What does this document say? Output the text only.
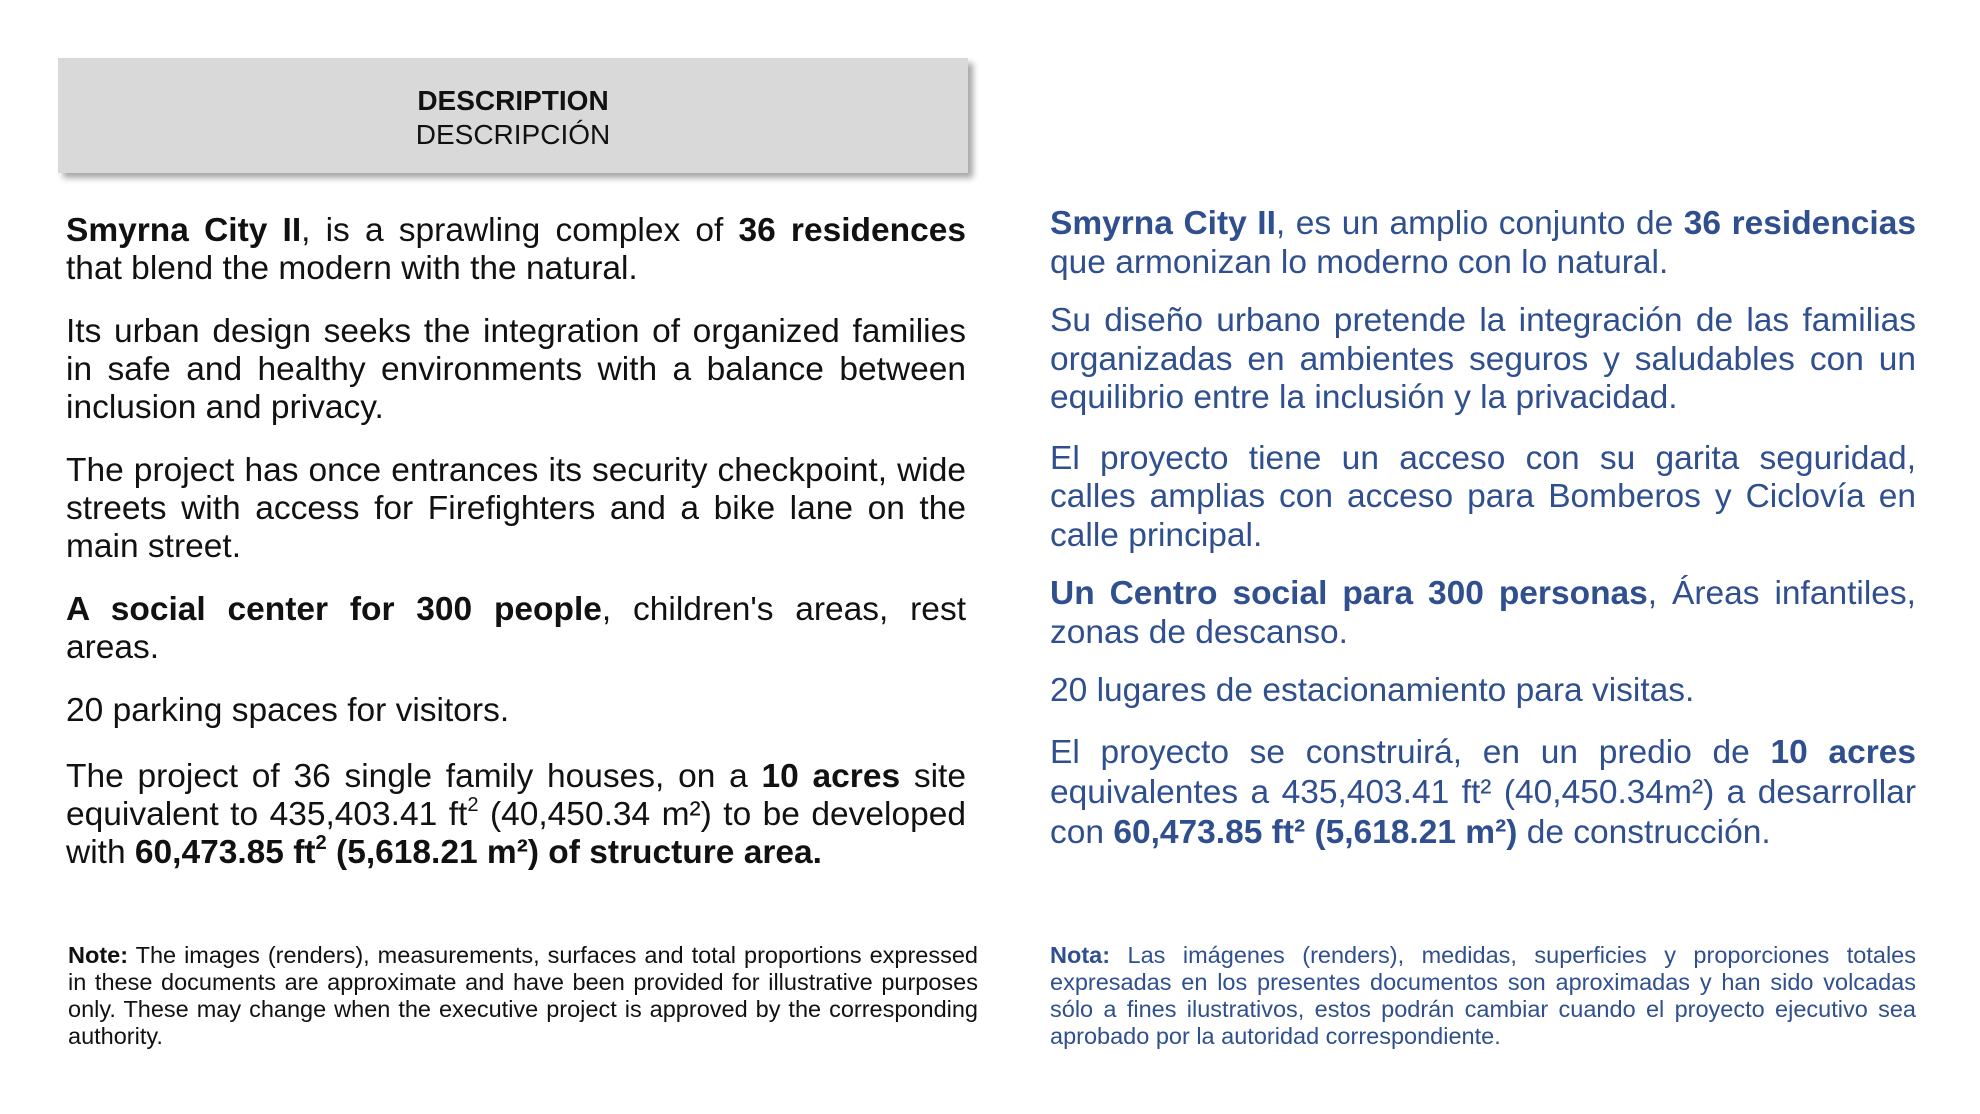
DESCRIPTION
DESCRIPCIÓN

Smyrna City II, is a sprawling complex of 36 residences that blend the modern with the natural.

Its urban design seeks the integration of organized families in safe and healthy environments with a balance between inclusion and privacy.

The project has once entrances its security checkpoint, wide streets with access for Firefighters and a bike lane on the main street.

A social center for 300 people, children's areas, rest areas.

20 parking spaces for visitors.

The project of 36 single family houses, on a 10 acres site equivalent to 435,403.41 $ft^2$ (40,450.34 m²) to be developed with 60,473.85 $ft^2$ (5,618.21 m²) of structure area.

Smyrna City II, es un amplio conjunto de 36 residencias que armonizan lo moderno con lo natural.

Su diseño urbano pretende la integración de las familias organizadas en ambientes seguros y saludables con un equilibrio entre la inclusión y la privacidad.

El proyecto tiene un acceso con su garita seguridad, calles amplias con acceso para Bomberos y Ciclovía en calle principal.

Un Centro social para 300 personas, Áreas infantiles, zonas de descanso.

20 lugares de estacionamiento para visitas.

El proyecto se construirá, en un predio de 10 acres equivalentes a 435,403.41 ft² (40,450.34m²) a desarrollar con 60,473.85 ft² (5,618.21 m²) de construcción.

Note: The images (renders), measurements, surfaces and total proportions expressed in these documents are approximate and have been provided for illustrative purposes only. These may change when the executive project is approved by the corresponding authority.
Nota: Las imágenes (renders), medidas, superficies y proporciones totales expresadas en los presentes documentos son aproximadas y han sido volcadas sólo a fines ilustrativos, estos podrán cambiar cuando el proyecto ejecutivo sea aprobado por la autoridad correspondiente.
